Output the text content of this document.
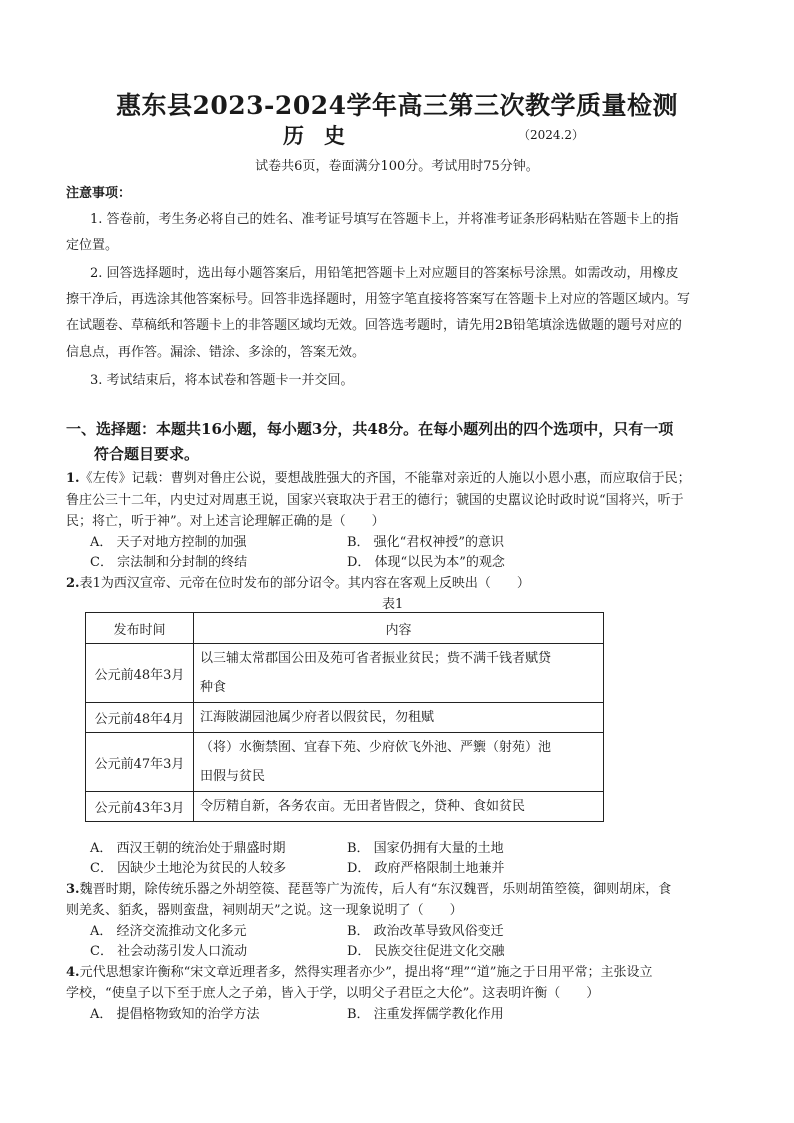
惠东县2023-2024学年高三第三次教学质量检测
历史	（2024.2）
试卷共6页，卷面满分100分。考试用时75分钟。
注意事项：
1. 答卷前，考生务必将自己的姓名、准考证号填写在答题卡上，并将准考证条形码粘贴在答题卡上的指
定位置。
2. 回答选择题时，选出每小题答案后，用铅笔把答题卡上对应题目的答案标号涂黑。如需改动，用橡皮
擦干净后，再选涂其他答案标号。回答非选择题时，用签字笔直接将答案写在答题卡上对应的答题区域内。写
在试题卷、草稿纸和答题卡上的非答题区域均无效。回答选考题时，请先用2B铅笔填涂选做题的题号对应的
信息点，再作答。漏涂、错涂、多涂的，答案无效。
3. 考试结束后，将本试卷和答题卡一并交回。
一、选择题：本题共16小题，每小题3分，共48分。在每小题列出的四个选项中，只有一项
符合题目要求。
1.《左传》记载：曹刿对鲁庄公说，要想战胜强大的齐国，不能靠对亲近的人施以小恩小惠，而应取信于民；
鲁庄公三十二年，内史过对周惠王说，国家兴衰取决于君王的德行；虢国的史嚚议论时政时说“国将兴，听于
民；将亡，听于神”。对上述言论理解正确的是（　　）
A． 天子对地方控制的加强	B． 强化“君权神授”的意识
C． 宗法制和分封制的终结	D． 体现“以民为本”的观念
2.表1为西汉宣帝、元帝在位时发布的部分诏令。其内容在客观上反映出（　　）
表1
发布时间	内容
公元前48年3月	以三辅太常郡国公田及苑可省者振业贫民；赀不满千钱者赋贷
种食

公元前48年4月	江海陂湖园池属少府者以假贫民，勿租赋

公元前47年3月	（将）水衡禁囿、宜春下苑、少府佽飞外池、严籞（射苑）池
田假与贫民

公元前43年3月	令厉精自新，各务农亩。无田者皆假之，贷种、食如贫民
A． 西汉王朝的统治处于鼎盛时期	B． 国家仍拥有大量的土地
C． 因缺少土地沦为贫民的人较多	D． 政府严格限制土地兼并
3.魏晋时期，除传统乐器之外胡箜篌、琵琶等广为流传，后人有“东汉魏晋，乐则胡笛箜篌，御则胡床，食
则羌炙、貊炙，器则蛮盘，祠则胡天”之说。这一现象说明了（　　）
A． 经济交流推动文化多元	B． 政治改革导致风俗变迁
C． 社会动荡引发人口流动	D． 民族交往促进文化交融
4.元代思想家许衡称“宋文章近理者多，然得实理者亦少”，提出将“理”“道”施之于日用平常；主张设立
学校，“使皇子以下至于庶人之子弟，皆入于学，以明父子君臣之大伦”。这表明许衡（　　）
A． 提倡格物致知的治学方法	B． 注重发挥儒学教化作用
